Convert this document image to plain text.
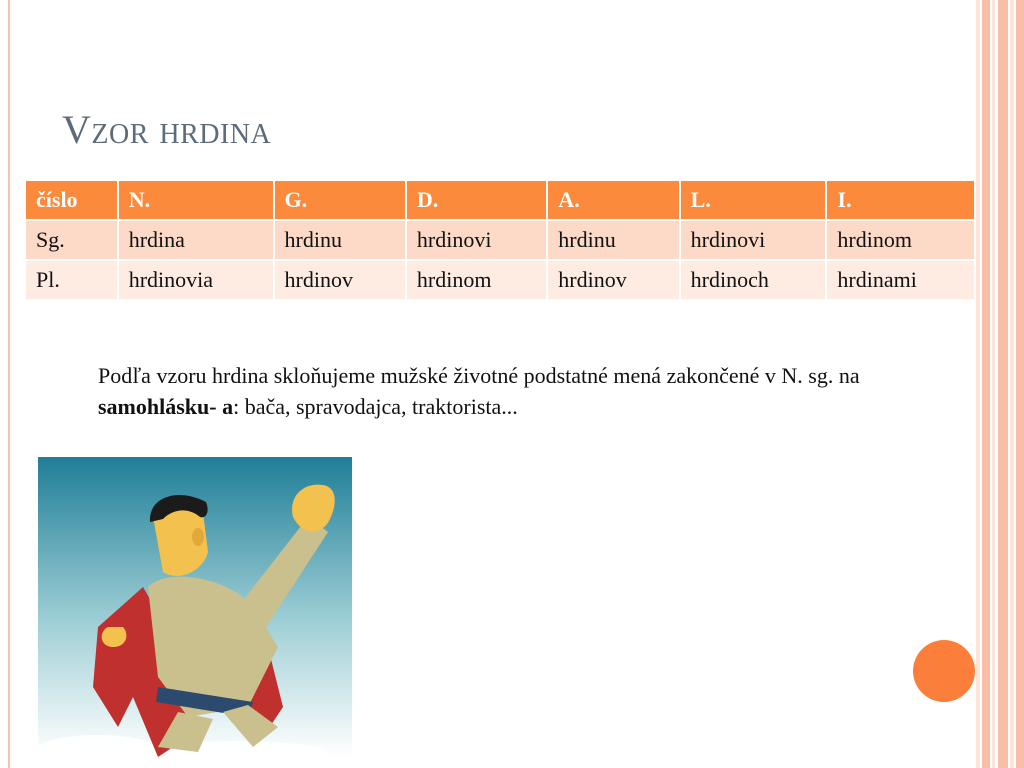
Vzor hrdina
číslo	N.	G.	D.	A.	L.	I.
Sg.	hrdina	hrdinu	hrdinovi	hrdinu	hrdinovi	hrdinom
Pl.	hrdinovia	hrdinov	hrdinom	hrdinov	hrdinoch	hrdinami
Podľa vzoru hrdina skloňujeme mužské životné podstatné mená zakončené v N. sg. na samohlásku- a: bača, spravodajca, traktorista...
